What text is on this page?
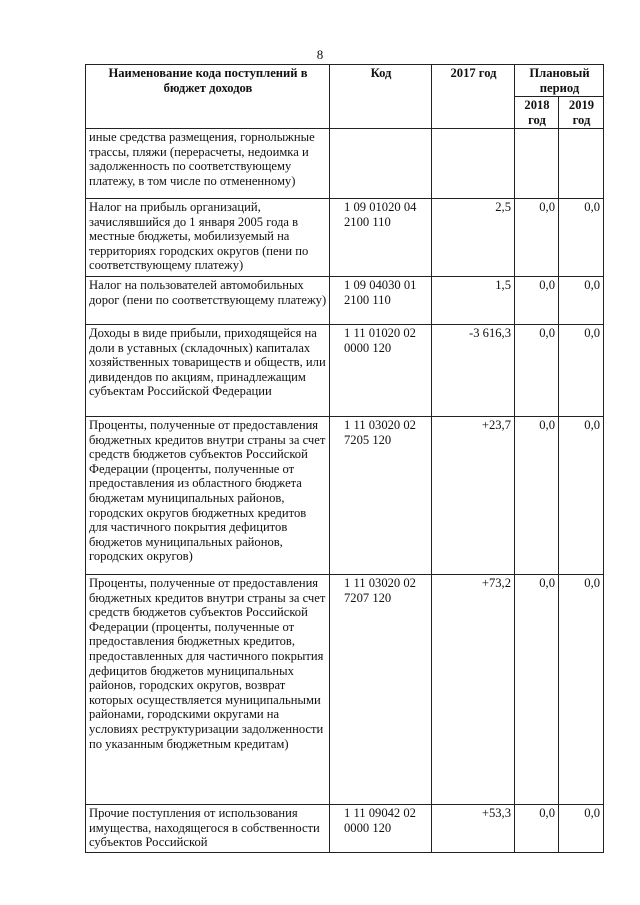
8
Наименование кода поступлений в бюджет доходов	Код	2017 год	Плановый период	
			2018 год	2019 год
иные средства размещения, горнолыжные трассы, пляжи (перерасчеты, недоимка и задолженность по соответствующему платежу, в том числе по отмененному)				
Налог на прибыль организаций, зачислявшийся до 1 января 2005 года в местные бюджеты, мобилизуемый на территориях городских округов (пени по соответствующему платежу)	1 09 01020 04 2100 110	2,5	0,0	0,0
Налог на пользователей автомобильных дорог (пени по соответствующему платежу)	1 09 04030 01 2100 110	1,5	0,0	0,0
Доходы в виде прибыли, приходящейся на доли в уставных (складочных) капиталах хозяйственных товариществ и обществ, или дивидендов по акциям, принадлежащим субъектам Российской Федерации	1 11 01020 02 0000 120	-3 616,3	0,0	0,0
Проценты, полученные от предоставления бюджетных кредитов внутри страны за счет средств бюджетов субъектов Российской Федерации (проценты, полученные от предоставления из областного бюджета бюджетам муниципальных районов, городских округов бюджетных кредитов для частичного покрытия дефицитов бюджетов муниципальных районов, городских округов)	1 11 03020 02 7205 120	+23,7	0,0	0,0
Проценты, полученные от предоставления бюджетных кредитов внутри страны за счет средств бюджетов субъектов Российской Федерации (проценты, полученные от предоставления бюджетных кредитов, предоставленных для частичного покрытия дефицитов бюджетов муниципальных районов, городских округов, возврат которых осуществляется муниципальными районами, городскими округами на условиях реструктуризации задолженности по указанным бюджетным кредитам)	1 11 03020 02 7207 120	+73,2	0,0	0,0
Прочие поступления от использования имущества, находящегося в собственности субъектов Российской	1 11 09042 02 0000 120	+53,3	0,0	0,0
